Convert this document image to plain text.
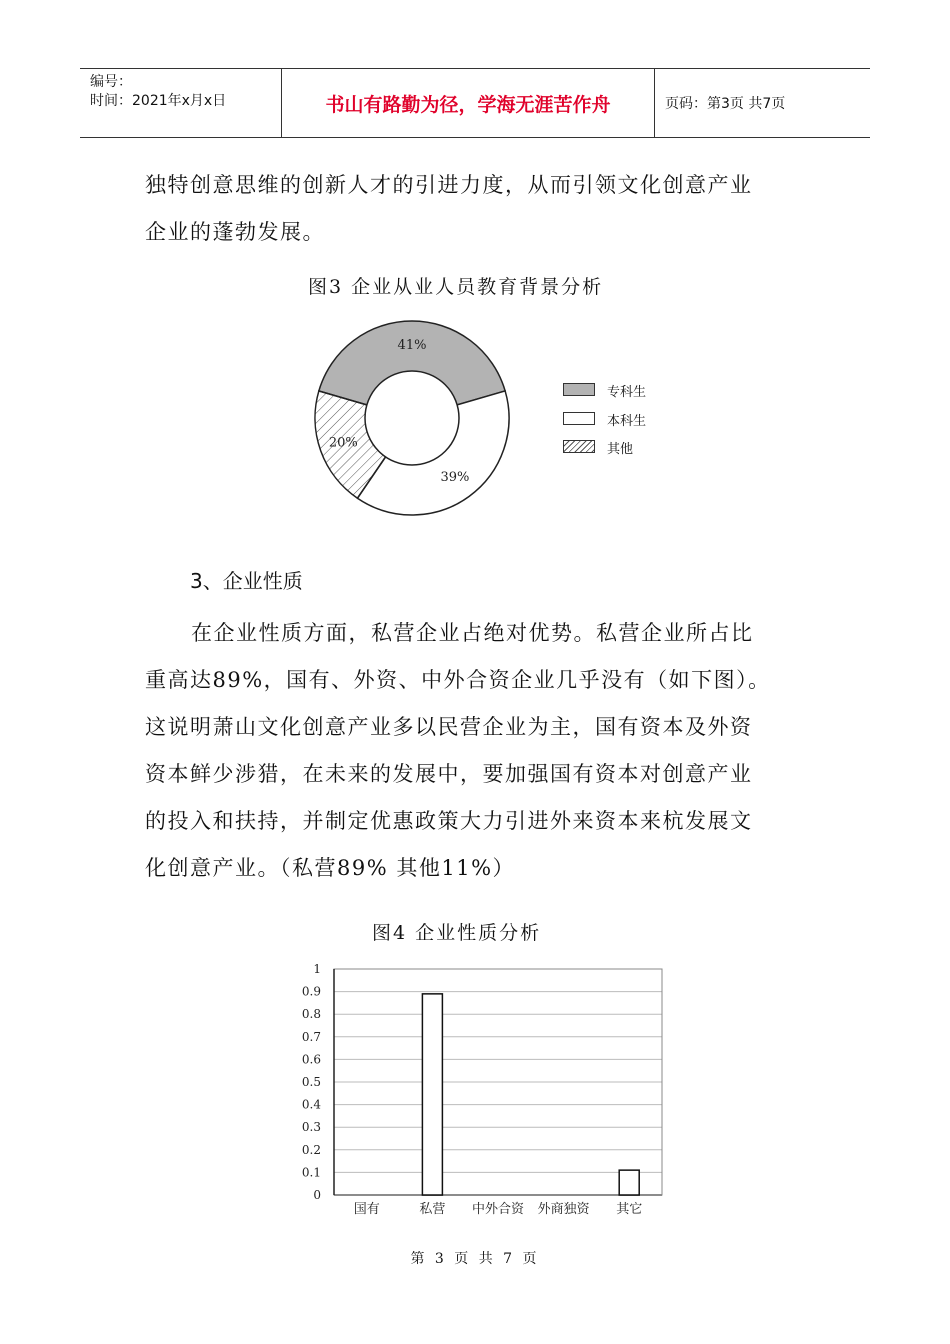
编号：
时间：2021年x月x日	书山有路勤为径，学海无涯苦作舟	页码：第3页 共7页
独特创意思维的创新人才的引进力度，从而引领文化创意产业
企业的蓬勃发展。
图3 企业从业人员教育背景分析
41%
39%
20%
专科生
本科生
其他
3、企业性质
在企业性质方面，私营企业占绝对优势。私营企业所占比
重高达89%，国有、外资、中外合资企业几乎没有（如下图）。
这说明萧山文化创意产业多以民营企业为主，国有资本及外资
资本鲜少涉猎，在未来的发展中，要加强国有资本对创意产业
的投入和扶持，并制定优惠政策大力引进外来资本来杭发展文
化创意产业。（私营89% 其他11%）
图4 企业性质分析
0
0.1
0.2
0.3
0.4
0.5
0.6
0.7
0.8
0.9
1
国有	私营 中外合资 外商独资 其它
第 3 页 共 7 页
